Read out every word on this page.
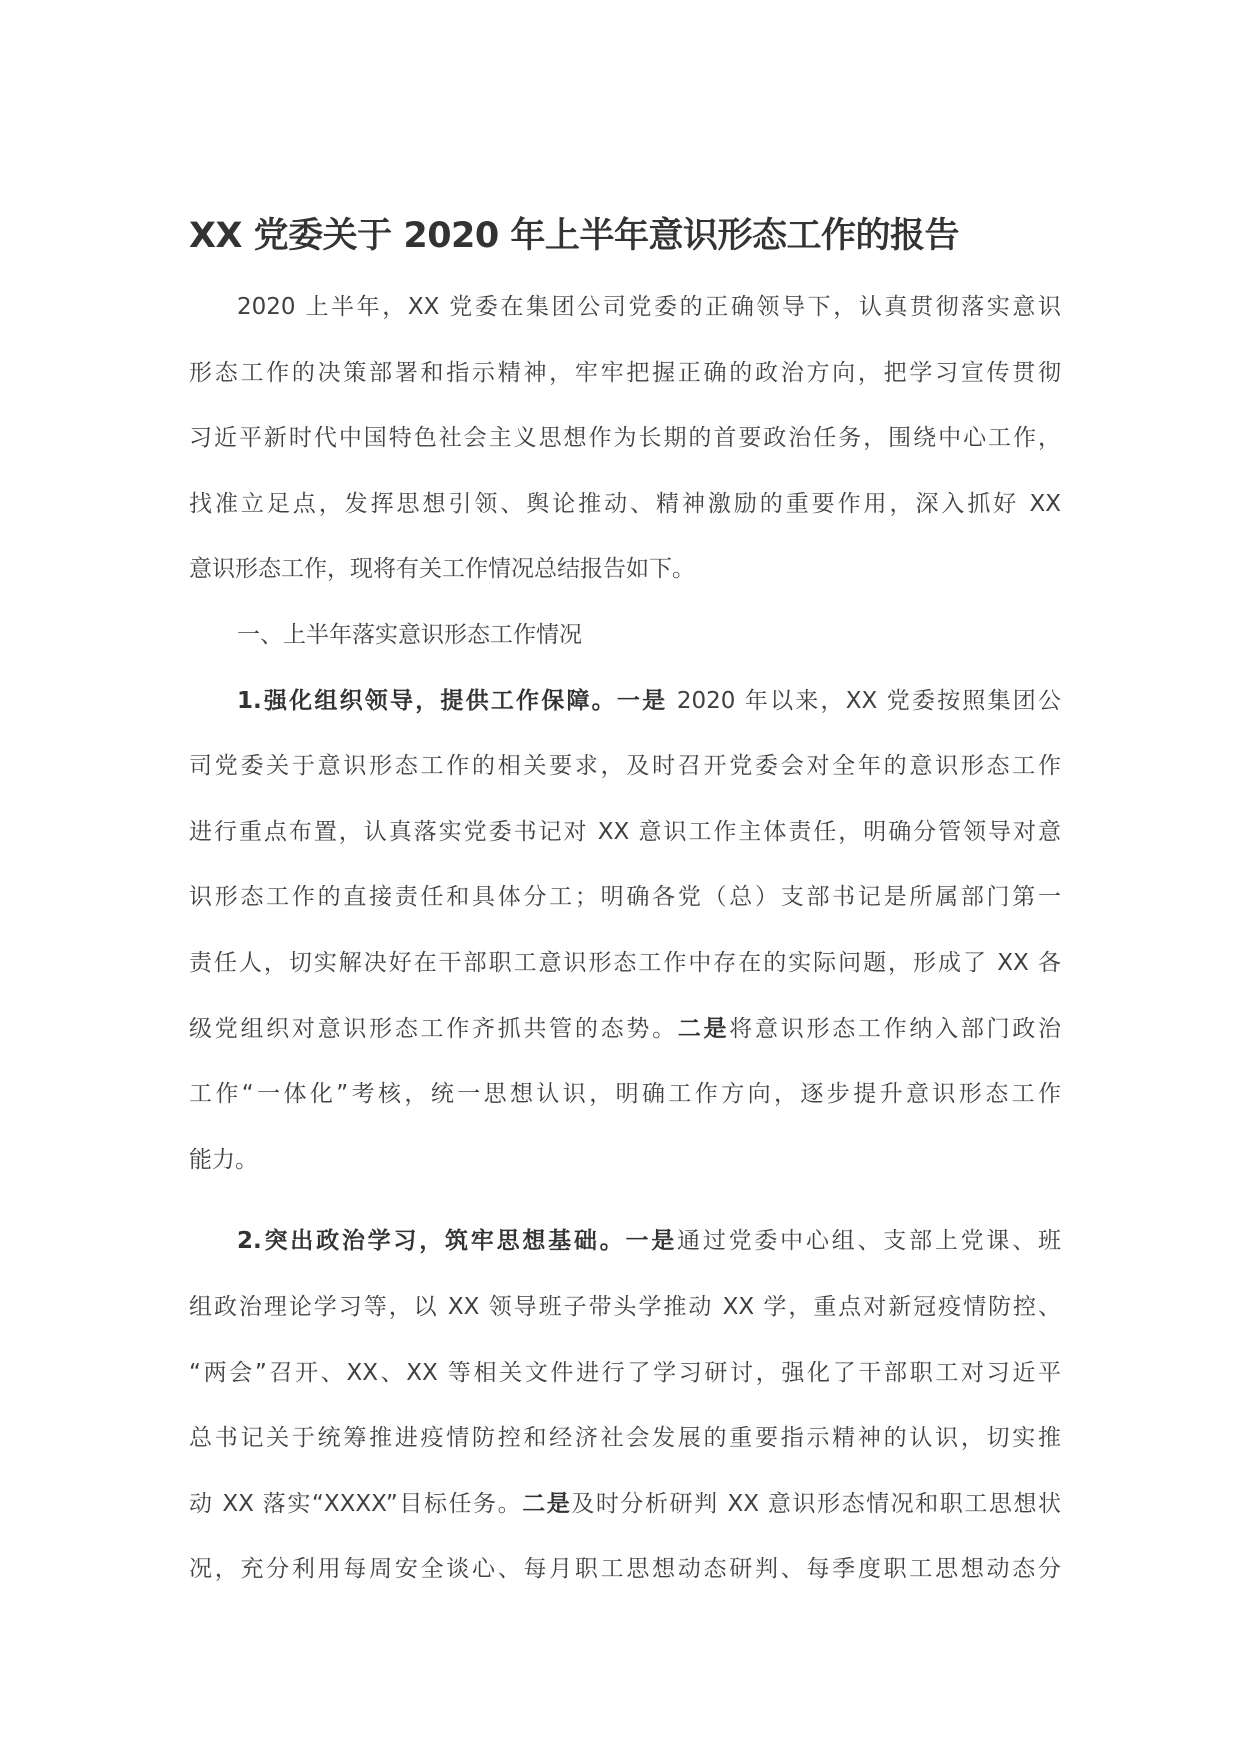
XX 党委关于 2020 年上半年意识形态工作的报告
2020 上半年，XX 党委在集团公司党委的正确领导下，认真贯彻落实意识
形态工作的决策部署和指示精神，牢牢把握正确的政治方向，把学习宣传贯彻
习近平新时代中国特色社会主义思想作为长期的首要政治任务，围绕中心工作，
找准立足点，发挥思想引领、舆论推动、精神激励的重要作用，深入抓好 XX
意识形态工作，现将有关工作情况总结报告如下。
一、上半年落实意识形态工作情况
1.强化组织领导，提供工作保障。一是 2020 年以来，XX 党委按照集团公
司党委关于意识形态工作的相关要求，及时召开党委会对全年的意识形态工作
进行重点布置，认真落实党委书记对 XX 意识工作主体责任，明确分管领导对意
识形态工作的直接责任和具体分工；明确各党（总）支部书记是所属部门第一
责任人，切实解决好在干部职工意识形态工作中存在的实际问题，形成了 XX 各
级党组织对意识形态工作齐抓共管的态势。二是将意识形态工作纳入部门政治
工作“一体化”考核，统一思想认识，明确工作方向，逐步提升意识形态工作
能力。
2.突出政治学习，筑牢思想基础。一是通过党委中心组、支部上党课、班
组政治理论学习等，以 XX 领导班子带头学推动 XX 学，重点对新冠疫情防控、
“两会”召开、XX、XX 等相关文件进行了学习研讨，强化了干部职工对习近平
总书记关于统筹推进疫情防控和经济社会发展的重要指示精神的认识，切实推
动 XX 落实“XXXX”目标任务。二是及时分析研判 XX 意识形态情况和职工思想状
况，充分利用每周安全谈心、每月职工思想动态研判、每季度职工思想动态分
